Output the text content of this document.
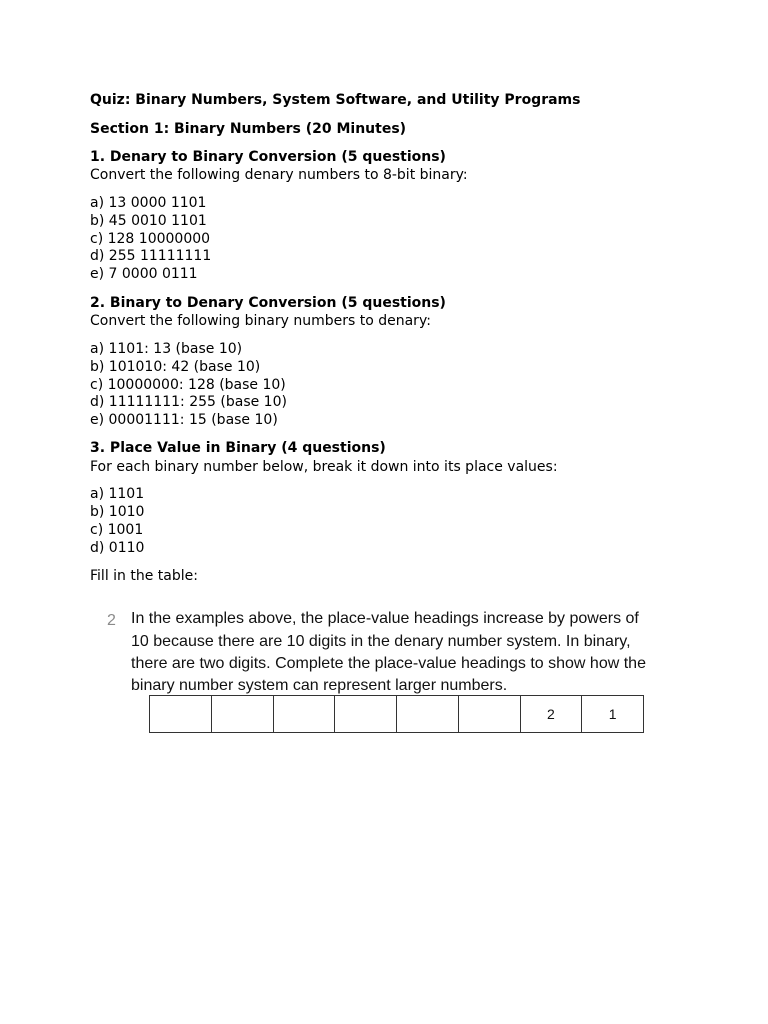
Quiz: Binary Numbers, System Software, and Utility Programs
Section 1: Binary Numbers (20 Minutes)
1. Denary to Binary Conversion (5 questions)
Convert the following denary numbers to 8-bit binary:
a) 13 0000 1101
b) 45 0010 1101
c) 128 10000000
d) 255 11111111
e) 7 0000 0111
2. Binary to Denary Conversion (5 questions)
Convert the following binary numbers to denary:
a) 1101: 13 (base 10)
b) 101010: 42 (base 10)
c) 10000000: 128 (base 10)
d) 11111111: 255 (base 10)
e) 00001111: 15 (base 10)
3. Place Value in Binary (4 questions)
For each binary number below, break it down into its place values:
a) 1101
b) 1010
c) 1001
d) 0110
Fill in the table:
2 In the examples above, the place-value headings increase by powers of
10 because there are 10 digits in the denary number system. In binary,
there are two digits. Complete the place-value headings to show how the
binary number system can represent larger numbers.
						2	1
